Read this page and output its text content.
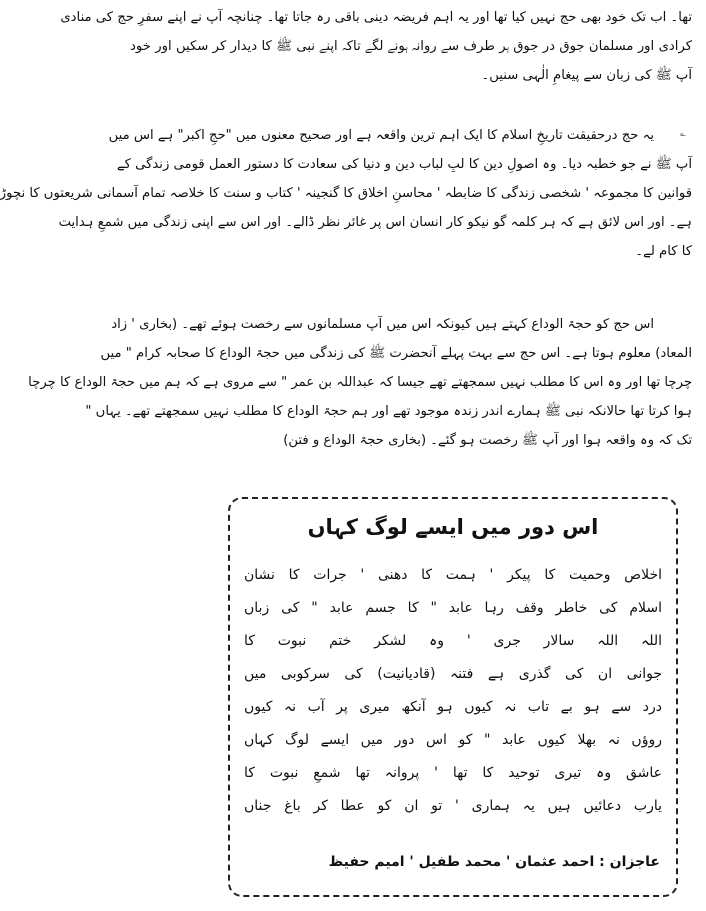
تھا۔ اب تک خود بھی حج نہیں کیا تھا اور یہ اہم فریضہ دینی باقی رہ جاتا تھا۔ چنانچہ آپ نے اپنے سفرِ حج کی منادی
کرادی اور مسلمان جوق در جوق ہر طرف سے روانہ ہونے لگے تاکہ اپنے نبی ﷺ کا دیدار کر سکیں اور خود
آپ ﷺ کی زبان سے پیغامِ الٰہی سنیں۔
؎
یہ حج درحقیقت تاریخِ اسلام کا ایک اہم ترین واقعہ ہے اور صحیح معنوں میں "حجِ اکبر" ہے اس میں
آپ ﷺ نے جو خطبہ دیا۔ وہ اصولِ دین کا لبِ لباب دین و دنیا کی سعادت کا دستور العمل قومی زندگی کے
قوانین کا مجموعہ ' شخصی زندگی کا ضابطہ ' محاسنِ اخلاق کا گنجینہ ' کتاب و سنت کا خلاصہ تمام آسمانی شریعتوں کا نچوڑ
ہے۔ اور اس لائق ہے کہ ہر کلمہ گو نیکو کار انسان اس پر غائر نظر ڈالے۔ اور اس سے اپنی زندگی میں شمعِ ہدایت
کا کام لے۔
اس حج کو حجۃ الوداع کہتے ہیں کیونکہ اس میں آپ مسلمانوں سے رخصت ہوئے تھے۔ (بخاری ' زاد
المعاد) معلوم ہوتا ہے۔ اس حج سے بہت پہلے آنحضرت ﷺ کی زندگی میں حجۃ الوداع کا صحابہ کرام " میں
چرچا تھا اور وہ اس کا مطلب نہیں سمجھتے تھے جیسا کہ عبداللہ بن عمر " سے مروی ہے کہ ہم میں حجۃ الوداع کا چرچا
ہوا کرتا تھا حالانکہ نبی ﷺ ہمارے اندر زندہ موجود تھے اور ہم حجۃ الوداع کا مطلب نہیں سمجھتے تھے۔ یہاں "
تک کہ وہ واقعہ ہوا اور آپ ﷺ رخصت ہو گئے۔ (بخاری حجۃ الوداع و فتن)
اس دور میں ایسے لوگ کہاں
اخلاص وحمیت کا پیکر ' ہمت کا دھنی ' جرات کا نشان
اسلام کی خاطر وقف رہا عابد " کا جسم عابد " کی زباں
اللہ اللہ سالار جری ' وہ لشکر ختم نبوت کا
جوانی ان کی گذری ہے فتنہ (قادیانیت) کی سرکوبی میں
درد سے ہو بے تاب نہ کیوں ہو آنکھ میری پر آب نہ کیوں
روؤں نہ بھلا کیوں عابد " کو اس دور میں ایسے لوگ کہاں
عاشق وہ تیری توحید کا تھا ' پروانہ تھا شمعِ نبوت کا
یارب دعائیں ہیں یہ ہماری ' تو ان کو عطا کر باغ جناں
عاجزان : احمد عثمان ' محمد طفیل ' امیم حفیظ
